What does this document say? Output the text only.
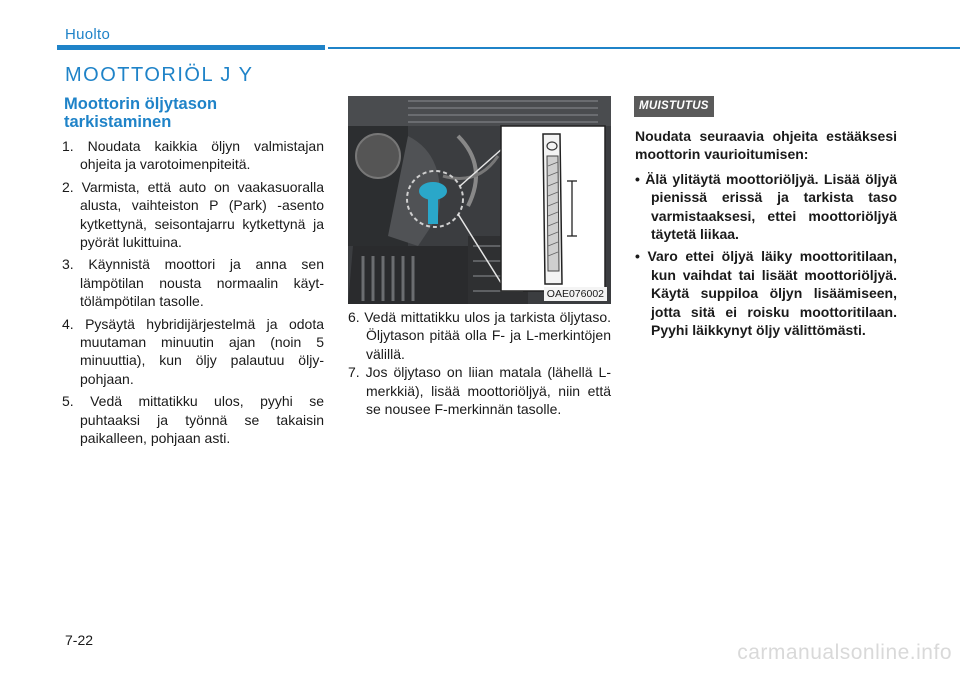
Huolto
MOOTTORIÖL J Y
Moottorin öljytason tarkistaminen
1. Noudata kaikkia öljyn valmistajan ohjeita ja varotoimenpiteitä.
2. Varmista, että auto on vaakasuoralla alusta, vaihteiston P (Park) -asento kytkettynä, seisontajarru kytkettynä ja pyörät lukittuina.
3. Käynnistä moottori ja anna sen lämpötilan nousta normaalin käyttölämpötilan tasolle.
4. Pysäytä hybridijärjestelmä ja odota muutaman minuutin ajan (noin 5 minuuttia), kun öljy palautuu öljypohjaan.
5. Vedä mittatikku ulos, pyyhi se puhtaaksi ja työnnä se takaisin paikalleen, pohjaan asti.
OAE076002
6. Vedä mittatikku ulos ja tarkista öljytaso. Öljytason pitää olla F- ja L-merkintöjen välillä.
7. Jos öljytaso on liian matala (lähellä L-merkkiä), lisää moottoriöljyä, niin että se nousee F-merkinnän tasolle.
MUISTUTUS

Noudata seuraavia ohjeita estääksesi moottorin vaurioitumisen:

• Älä ylitäytä moottoriöljyä. Lisää öljyä pienissä erissä ja tarkista taso varmistaaksesi, ettei moottoriöljyä täytetä liikaa.
• Varo ettei öljyä läiky moottoritilaan, kun vaihdat tai lisäät moottoriöljyä. Käytä suppiloa öljyn lisäämiseen, jotta sitä ei roisku moottoritilaan. Pyyhi läikkynyt öljy välittömästi.
7-22
carmanualsonline.info
